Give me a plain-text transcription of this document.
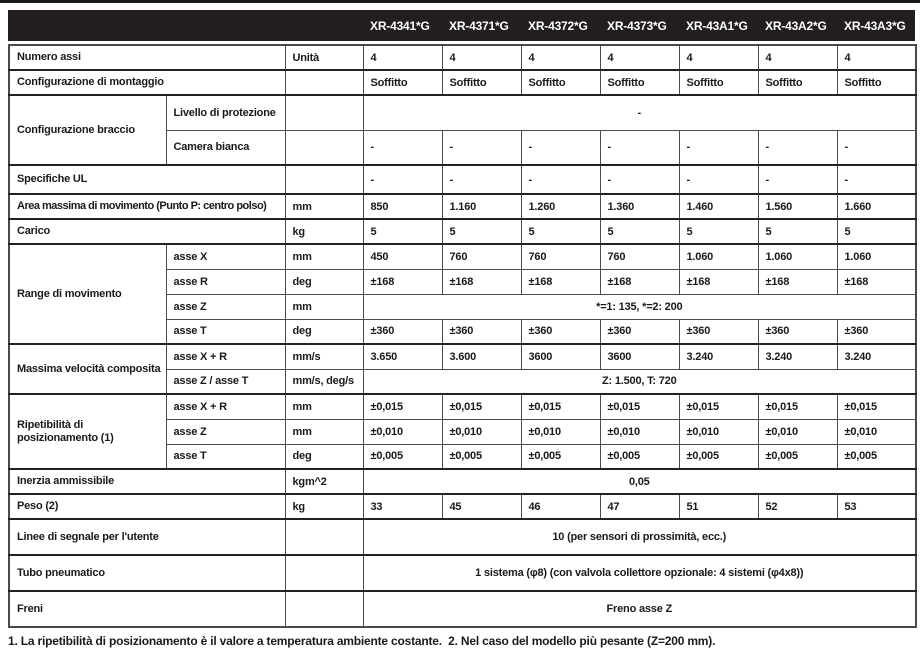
	XR-4341*G	XR-4371*G	XR-4372*G	XR-4373*G	XR-43A1*G	XR-43A2*G	XR-43A3*G
Numero assi		Unità	4	4	4	4	4	4	4
Configurazione di montaggio			Soffitto	Soffitto	Soffitto	Soffitto	Soffitto	Soffitto	Soffitto
Configurazione braccio	Livello di protezione		-						
	Camera bianca		-	-	-	-	-	-	-
Specifiche UL			-	-	-	-	-	-	-
Area massima di movimento (Punto P: centro polso)		mm	850	1.160	1.260	1.360	1.460	1.560	1.660
Carico		kg	5	5	5	5	5	5	5
Range di movimento	asse X	mm	450	760	760	760	1.060	1.060	1.060
	asse R	deg	±168	±168	±168	±168	±168	±168	±168
	asse Z	mm	*=1: 135, *=2: 200						
	asse T	deg	±360	±360	±360	±360	±360	±360	±360
Massima velocità composita	asse X + R	mm/s	3.650	3.600	3600	3600	3.240	3.240	3.240
	asse Z / asse T	mm/s, deg/s	Z: 1.500, T: 720						
Ripetibilità di posizionamento (1)	asse X + R	mm	±0,015	±0,015	±0,015	±0,015	±0,015	±0,015	±0,015
	asse Z	mm	±0,010	±0,010	±0,010	±0,010	±0,010	±0,010	±0,010
	asse T	deg	±0,005	±0,005	±0,005	±0,005	±0,005	±0,005	±0,005
Inerzia ammissibile		kgm^2	0,05						
Peso (2)		kg	33	45	46	47	51	52	53
Linee di segnale per l'utente			10 (per sensori di prossimità, ecc.)						
Tubo pneumatico			1 sistema (φ8) (con valvola collettore opzionale: 4 sistemi (φ4x8))						
Freni			Freno asse Z						
1. La ripetibilità di posizionamento è il valore a temperatura ambiente costante.  2. Nel caso del modello più pesante (Z=200 mm).
